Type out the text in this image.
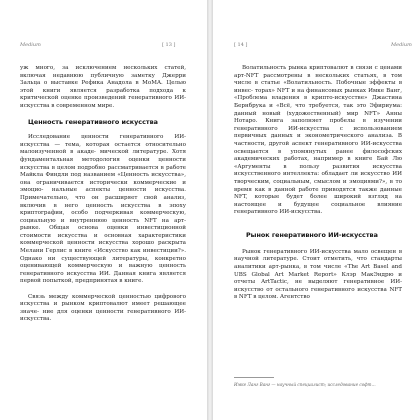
Medium	[ 13 ]

уж много, за исключением нескольких статей, включая недавнюю публичную заметку Джерри Зальца о выставке Рефика Анадола в MoMA. Целью этой книги является разработка подхода к критической оценке произведений генеративного ИИ-искусства в современном мире.

Ценность генеративного искусства

Исследование ценности генеративного ИИ-искусства — тема, которая остается относительно малоизученной в акаде- мической литературе. Хотя фундаментальная методология оценки ценности искусства в целом подробно рассматривается в работе Майкла Финдли под названием «Ценность искусства», она ограничивается исторически коммерческие и эмоцио- нальные аспекты ценности искусства. Примечательно, что он расширяет свой анализ, включив в него ценность искусства в эпоху криптографии, особо подчеркивая коммерческую, социальную и внутреннюю ценность NFT на арт-рынке. Общая основа оценки инвестиционной стоимости искусства и основная характеристики коммерческой ценности искусства хорошо раскрыта Мелани Герлис в книге «Искусство как инвестиции?». Однако ни существующей литературы, конкретно оценивающей коммерческую и важную ценность генеративного искусства ИИ. Данная книга является первой попыткой, предпринятая в книге.

Связь между коммерческой ценностью цифрового искусства и рынком криптовалют имеет решающее значе- ние для оценки ценности генеративного ИИ-искусства.

[ 14 ]	Medium

Волатильность рынка криптовалют в связи с ценами арт-NFT рассмотрены в нескольких статьях, в том числе в статье «Волатильность. Побочные эффекты в инвес- торах» NFT и на финансовых рынках Имке Ванг, «Проблема владения в крипто-искусстве» Джастина Бернбрука и «Всё, что требуется, так это Эфириума: данный новый (художественный) мир NFT» Анны Нотаро. Книга заполняет пробелы в изучении генеративного ИИ-искусства с использованием первичных данных и эконометрического анализа. В частности, другой аспект генеративного ИИ-искусства освещается в упомянутых ранее философских академических работах, например в книге Бай Лю «Аргументы в пользу развития искусства искусственного интеллекта: обладает ли искусство ИИ творческим, социальным, смыслом и эмоциями?», в то время как в данной работе приводятся также данные NFT, которые будет более широкий взгляд на настоящее и будущее социальное влияние генеративного ИИ-искусства.

Рынок генеративного ИИ-искусства

Рынок генеративного ИИ-искусства мало освещен в научной литературе. Стоит отметить, что стандарты аналитики арт-рынка, в том числе «The Art Basel and UBS Global Art Market Report» Клэр МакЭндрю и отчеты ArtTactic, не выделяют генеративное ИИ-искусство от остального генеративного искусства NFT в NFT в целом. Агентство

Имке Ланг Ванг — научный специалист; исследование софт…
